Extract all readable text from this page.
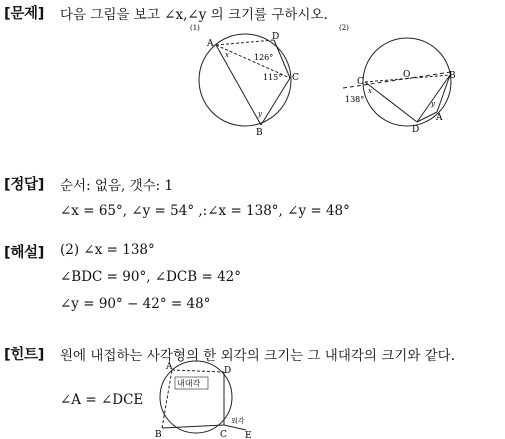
[문제] 다음 그림을 보고 ∠x,∠y 의 크기를 구하시오.
(1)
A
D
C
B
126°
115°
x
y
(2)
C
O	B
D
A
138°
x
y
[정답] 순서: 없음, 갯수: 1
∠x = 65°, ∠y = 54° ,:∠x = 138°, ∠y = 48°
[해설] (2) ∠x = 138°
∠BDC = 90°, ∠DCB = 42°
∠y = 90° − 42° = 48°
[힌트] 원에 내접하는 사각형의 한 외각의 크기는 그 내대각의 크기와 같다.
∠A = ∠DCE
내대각
외각
A	D
B	C E
